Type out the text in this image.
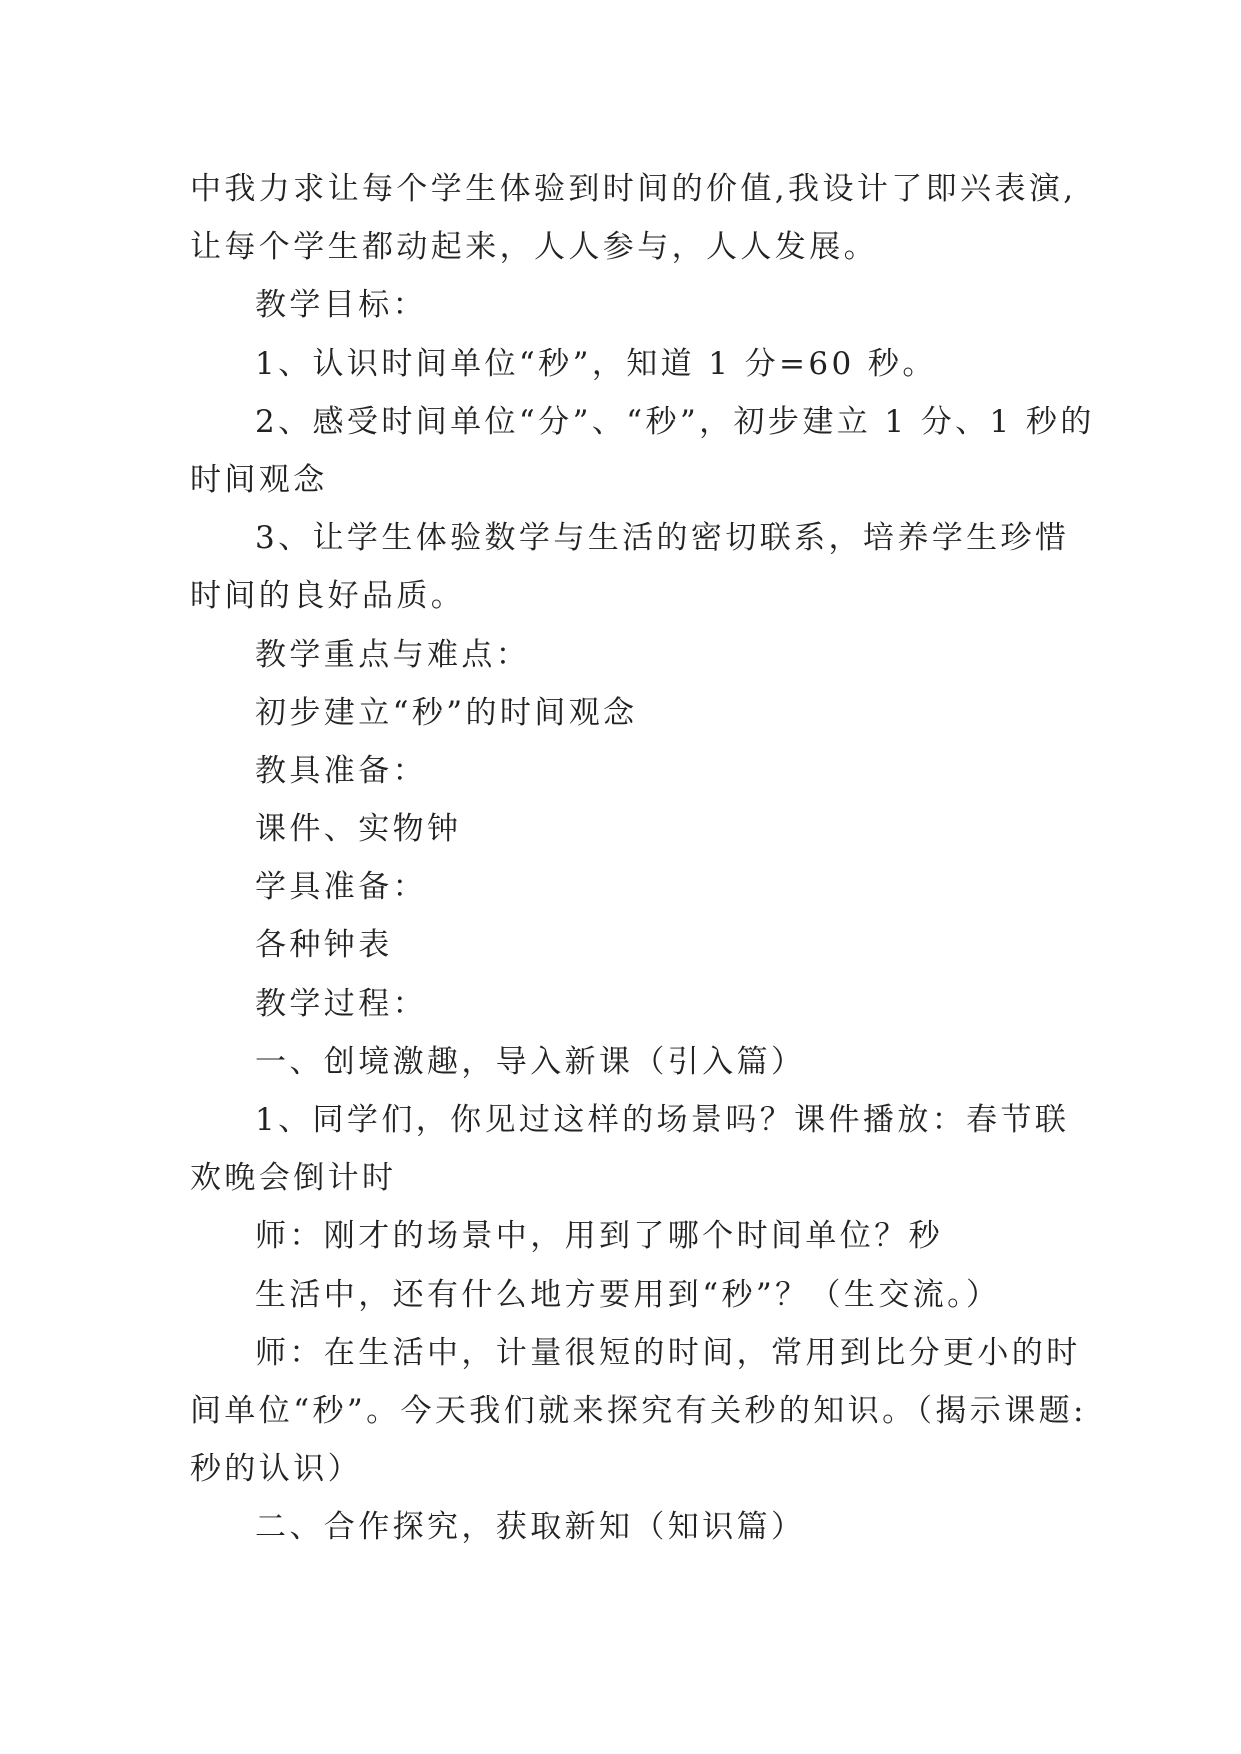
中我力求让每个学生体验到时间的价值,我设计了即兴表演,
让每个学生都动起来，人人参与，人人发展。
教学目标：
1、认识时间单位“秒”，知道 1 分=60 秒。
2、感受时间单位“分”、“秒”，初步建立 1 分、1 秒的
时间观念
3、让学生体验数学与生活的密切联系，培养学生珍惜
时间的良好品质。
教学重点与难点：
初步建立“秒”的时间观念
教具准备：
课件、实物钟
学具准备：
各种钟表
教学过程：
一、创境激趣，导入新课（引入篇）
1、同学们，你见过这样的场景吗？课件播放：春节联
欢晚会倒计时
师：刚才的场景中，用到了哪个时间单位？秒
生活中，还有什么地方要用到“秒”？（生交流。）
师：在生活中，计量很短的时间，常用到比分更小的时
间单位“秒”。今天我们就来探究有关秒的知识。（揭示课题:
秒的认识）
二、合作探究，获取新知（知识篇）
